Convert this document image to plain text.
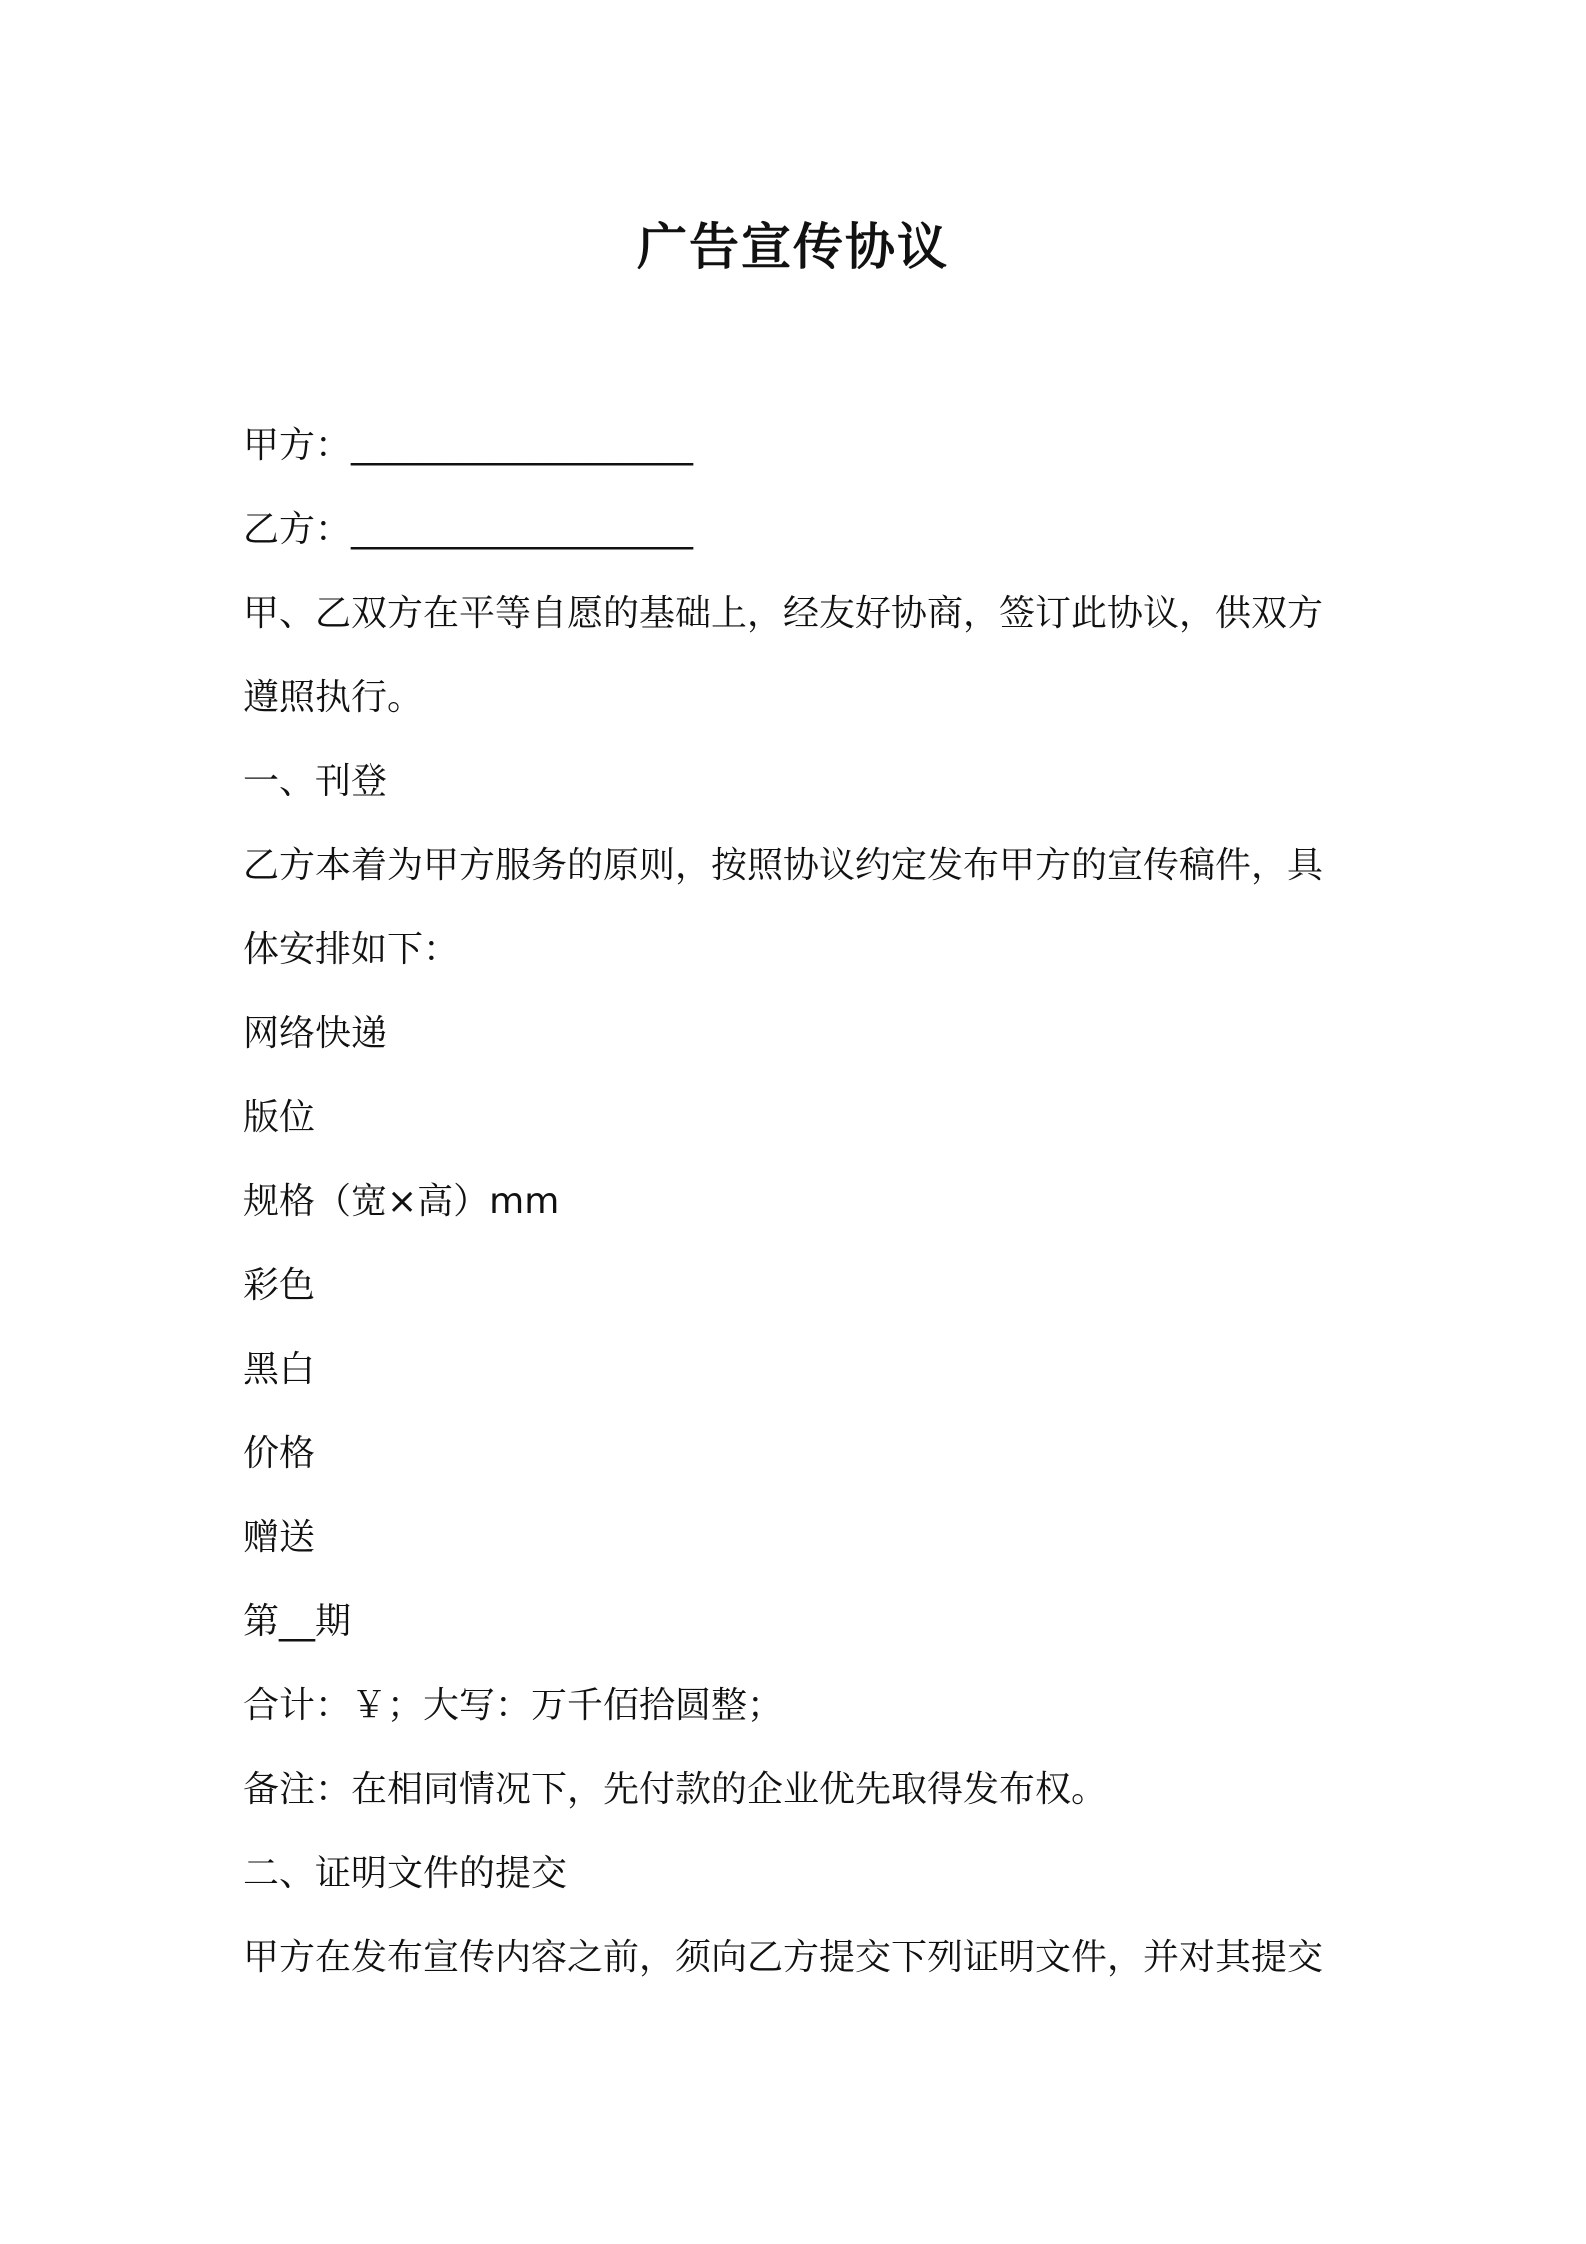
广告宣传协议
甲方：___________________
乙方：___________________
甲、乙双方在平等自愿的基础上，经友好协商，签订此协议，供双方
遵照执行。
一、刊登
乙方本着为甲方服务的原则，按照协议约定发布甲方的宣传稿件，具
体安排如下：
网络快递
版位
规格（宽×高）mm
彩色
黑白
价格
赠送
第__期
合计：￥；大写：万千佰拾圆整；
备注：在相同情况下，先付款的企业优先取得发布权。
二、证明文件的提交
甲方在发布宣传内容之前，须向乙方提交下列证明文件，并对其提交
